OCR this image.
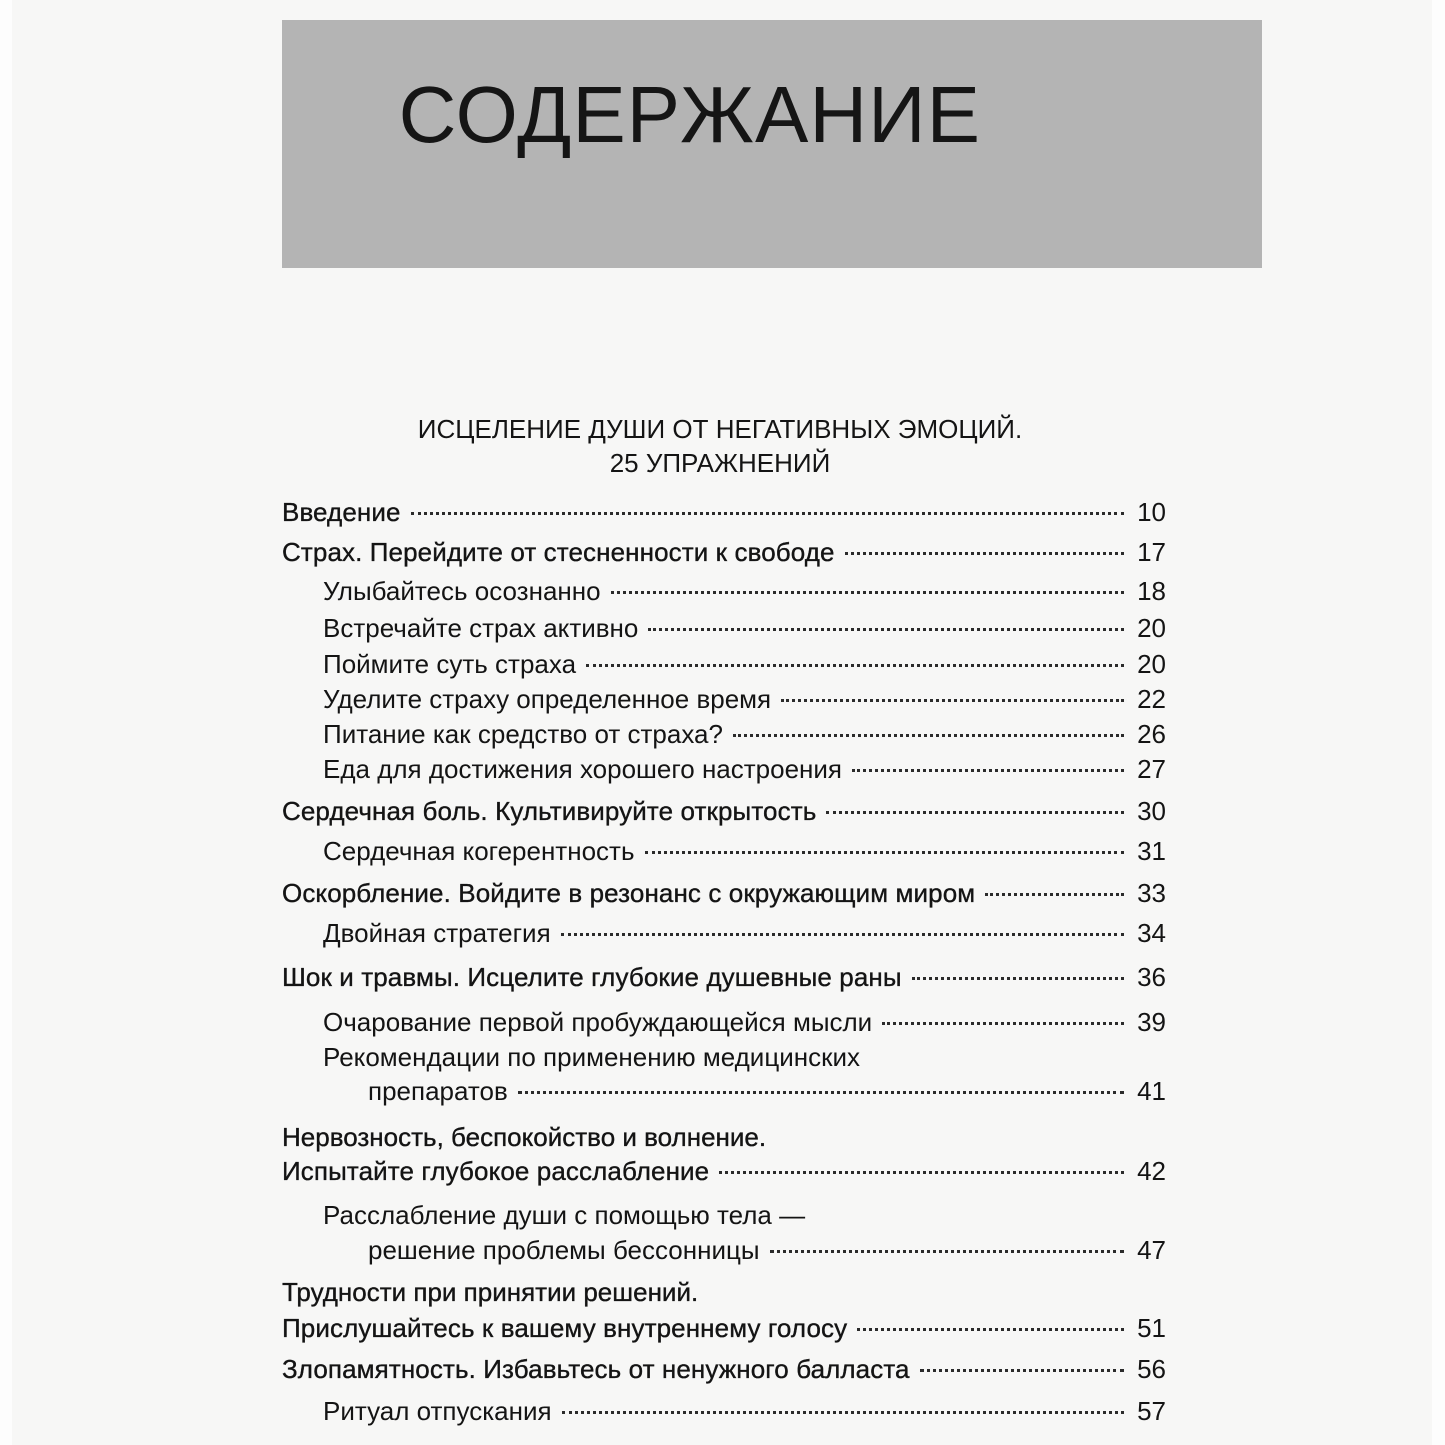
СОДЕРЖАНИЕ
ИСЦЕЛЕНИЕ ДУШИ ОТ НЕГАТИВНЫХ ЭМОЦИЙ.
25 УПРАЖНЕНИЙ
Введение	10
Страх. Перейдите от стесненности к свободе	17
Улыбайтесь осознанно	18
Встречайте страх активно	20
Поймите суть страха	20
Уделите страху определенное время	22
Питание как средство от страха?	26
Еда для достижения хорошего настроения	27
Сердечная боль. Культивируйте открытость	30
Сердечная когерентность	31
Оскорбление. Войдите в резонанс с окружающим миром	33
Двойная стратегия	34
Шок и травмы. Исцелите глубокие душевные раны	36
Очарование первой пробуждающейся мысли	39
Рекомендации по применению медицинских
препаратов	41
Нервозность, беспокойство и волнение.
Испытайте глубокое расслабление	42
Расслабление души с помощью тела —
решение проблемы бессонницы	47
Трудности при принятии решений.
Прислушайтесь к вашему внутреннему голосу	51
Злопамятность. Избавьтесь от ненужного балласта	56
Ритуал отпускания	57
